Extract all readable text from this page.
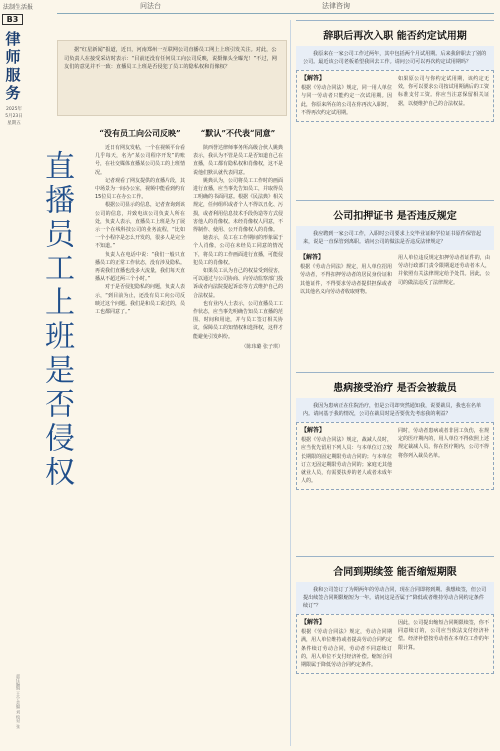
法制生活报	问法台	法律咨询
B3
律师服务
2025年
5月23日
星期五
责任编辑 王小 美编 刘 校对 张
直播员工上班是否侵权

据“红星新闻”报道，近日，河南郑州一互联网公司直播员工网上上班引发关注。对此，公司负责人在接受采访时表示：“目前还没有任何员工向公司反映，说摄像头全曝光！”不过，网友们的意见并不一致：直播员工上班是否侵犯了员工的隐私权和肖像权？

“没有员工向公司反映”

近日有网友发帖，一个在视频平台看几乎每天，名为“某公司程序开发”的账号，在社交媒体直播某公司员工的上班情况。

记者观看了网友提供的直播片段，其中场景为一间办公室，视频中能看到约有15位员工在办公工作。

根据公司显示的信息，记者查询到该公司的信息，并致电该公司负责人所在处，负责人表示，直播员工上班是为了展示一个在线科技公司的业务流程，“比如一个小程序是怎么开发的，很多人是完全不知道。”

负责人在电话中说：“我们一般只直播员工的正常工作状态，没有涉及隐私。再说我们直播也没多大流量，我们每天直播从不超过两三个小时。”

对于是否侵犯隐私的问题，负责人表示，“到目前为止，还没有员工向公司反映过这个问题。我们是和员工说过的，员工也都同意了。”

“默认”不代表“同意”

陕西誉达律师事务所高级合伙人姚典表示，我认为不管是员工是否知道自己在直播，员工都有隐私权和肖像权，这不是说他们默认就代表同意。

姚典认为，公司将员工工作时的画面进行直播，应当事先告知员工，并取得员工明确的书面同意。根据《民法典》相关规定，任何组织或者个人不得以丑化、污损，或者利用信息技术手段伪造等方式侵害他人的肖像权。未经肖像权人同意，不得制作、使用、公开肖像权人的肖像。

她表示，员工在工作期间的形象属于个人肖像，公司在未经员工同意的情况下，将员工的工作画面进行直播，可能侵犯员工的肖像权。

如果员工认为自己的权益受到侵害，可以通过与公司协商、向劳动监察部门投诉或者向法院提起诉讼等方式维护自己的合法权益。

也有业内人士表示，公司直播员工工作状态，应当事先明确告知员工直播的范围、时间和用途，并与员工签订相关协议，保障员工的知情权和选择权，这样才能避免引发纠纷。

（陈玮璐 张子琪）
辞职后再次入职 能否约定试用期
我原来在一家公司工作过两年，其中包括两个月试用期。后来我辞职去了别的公司。最近该公司老板希望我回去工作。请问公司可以再次约定试用期吗？
【解答】
根据《劳动合同法》规定，同一用人单位与同一劳动者只能约定一次试用期。因此，你原来所在的公司在你再次入职时，不得再次约定试用期。
如果原公司与你约定试用期，该约定无效，你可以要求公司按试用期满后的工资标准支付工资。你应当注意保留相关证据，以便维护自己的合法权益。
公司扣押证书 是否违反规定
我应聘到一家公司工作，入职时公司要求上交毕业证和学位证书原件保管起来，说是一直保管到离职。请问公司的做法是否违反法律规定？
【解答】
根据《劳动合同法》规定，用人单位招用劳动者，不得扣押劳动者的居民身份证和其他证件，不得要求劳动者提供担保或者以其他名义向劳动者收取财物。
用人单位违反规定扣押劳动者证件的，由劳动行政部门责令限期退还劳动者本人，并依照有关法律规定给予处罚。因此，公司的做法违反了法律规定。
患病接受治疗 是否会被裁员
我因为患病正在住院治疗，但是公司却突然通知我，说要裁员，我也在名单内。请问基于我的情况，公司在裁员时是否要优先考虑我的利益？
【解答】
根据《劳动合同法》规定，裁减人员时，应当优先留用下列人员：与本单位订立较长期限的固定期限劳动合同的；与本单位订立无固定期限劳动合同的；家庭无其他就业人员，有需要扶养的老人或者未成年人的。
同时，劳动者患病或者非因工负伤，在规定的医疗期内的，用人单位不得依照上述规定裁减人员。你在医疗期内，公司不得将你列入裁员名单。
合同到期续签 能否缩短期限
我和公司签订了为期两年的劳动合同，现在合同即将到期。我想续签，但公司提出续签合同期限缩短为一年。请问这是否属于“降低或者维持劳动合同约定条件续订”？
【解答】
根据《劳动合同法》规定，劳动合同期满，用人单位维持或者提高劳动合同约定条件续订劳动合同，劳动者不同意续订的，用人单位不支付经济补偿。缩短合同期限属于降低劳动合同约定条件。
因此，公司提出缩短合同期限续签，你不同意续订的，公司应当依法支付经济补偿。经济补偿按劳动者在本单位工作的年限计算。
